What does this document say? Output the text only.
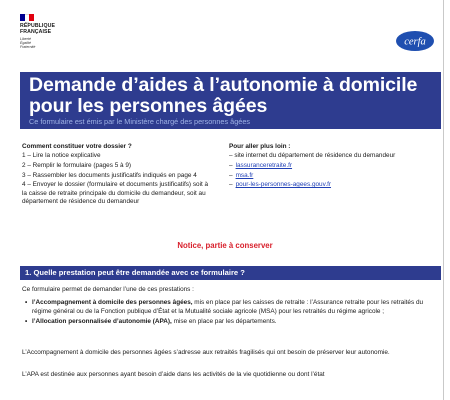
RÉPUBLIQUE
FRANÇAISE
Liberté
Égalité
Fraternité	cerfa
Demande d’aides à l’autonomie à domicile
pour les personnes âgées
Ce formulaire est émis par le Ministère chargé des personnes âgées
Comment constituer votre dossier ?
1 – Lire la notice explicative
2 – Remplir le formulaire (pages 5 à 9)
3 – Rassembler les documents justificatifs indiqués en page 4
4 – Envoyer le dossier (formulaire et documents justificatifs) soit à la caisse de retraite principale du domicile du demandeur, soit au département de résidence du demandeur
Pour aller plus loin :
– site internet du département de résidence du demandeur
– lassuranceretraite.fr
– msa.fr
– pour-les-personnes-agees.gouv.fr
Notice, partie à conserver
1. Quelle prestation peut être demandée avec ce formulaire ?
Ce formulaire permet de demander l’une de ces prestations :
• l’Accompagnement à domicile des personnes âgées, mis en place par les caisses de retraite : l’Assurance retraite pour les retraités du régime général ou de la Fonction publique d’État et la Mutualité sociale agricole (MSA) pour les retraités du régime agricole ;
• l’Allocation personnalisée d’autonomie (APA), mise en place par les départements.
L’Accompagnement à domicile des personnes âgées s’adresse aux retraités fragilisés qui ont besoin de préserver leur autonomie.
L’APA est destinée aux personnes ayant besoin d’aide dans les activités de la vie quotidienne ou dont l’état
